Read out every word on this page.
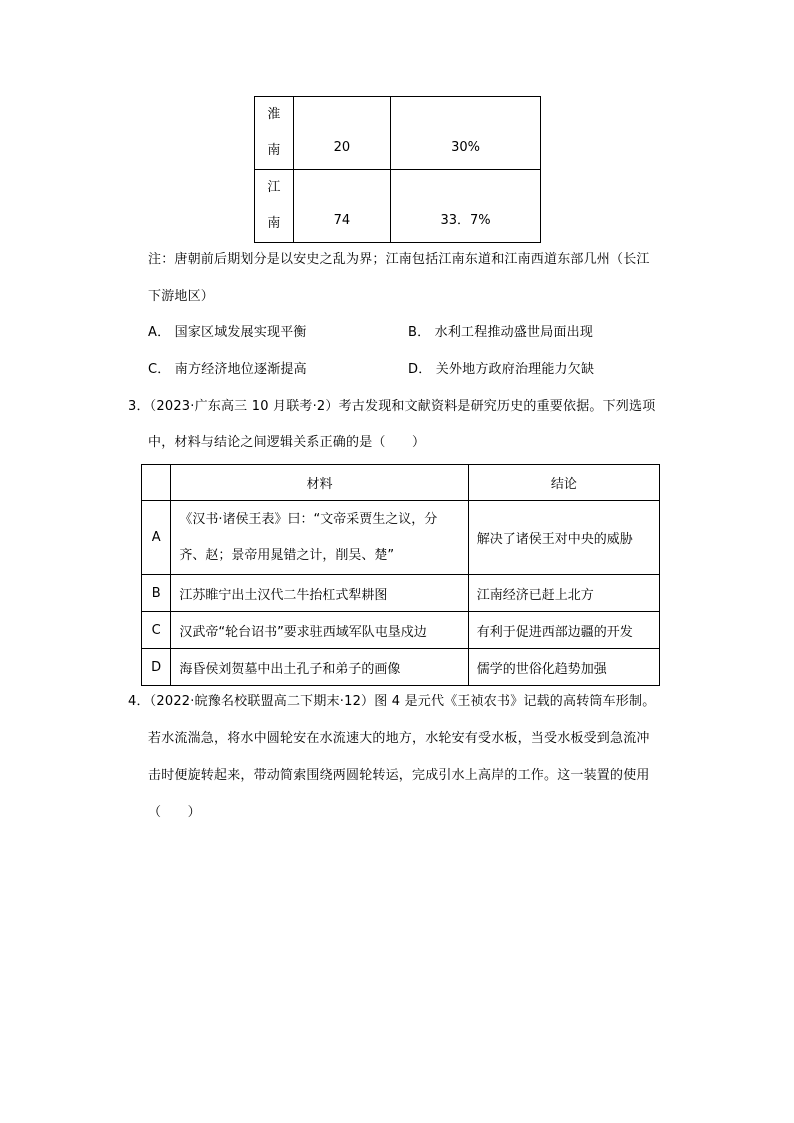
淮
南	20	30%

江
南	74	33．7%
注：唐朝前后期划分是以安史之乱为界；江南包括江南东道和江南西道东部几州（长江
下游地区）
A． 国家区域发展实现平衡	B． 水利工程推动盛世局面出现
C． 南方经济地位逐渐提高	D． 关外地方政府治理能力欠缺
3．（2023·广东高三 10 月联考·2）考古发现和文献资料是研究历史的重要依据。下列选项
中，材料与结论之间逻辑关系正确的是（　　）
	材料	结论
A	《汉书·诸侯王表》曰：“文帝采贾生之议，分
齐、赵；景帝用晁错之计，削吴、楚”	解决了诸侯王对中央的威胁
B	江苏睢宁出土汉代二牛抬杠式犁耕图	江南经济已赶上北方
C	汉武帝“轮台诏书”要求驻西域军队屯垦戍边	有利于促进西部边疆的开发
D	海昏侯刘贺墓中出土孔子和弟子的画像	儒学的世俗化趋势加强
4．（2022·皖豫名校联盟高二下期末·12）图 4 是元代《王祯农书》记载的高转筒车形制。
若水流湍急，将水中圆轮安在水流速大的地方，水轮安有受水板，当受水板受到急流冲
击时便旋转起来，带动简索围绕两圆轮转运，完成引水上高岸的工作。这一装置的使用
（　　）
